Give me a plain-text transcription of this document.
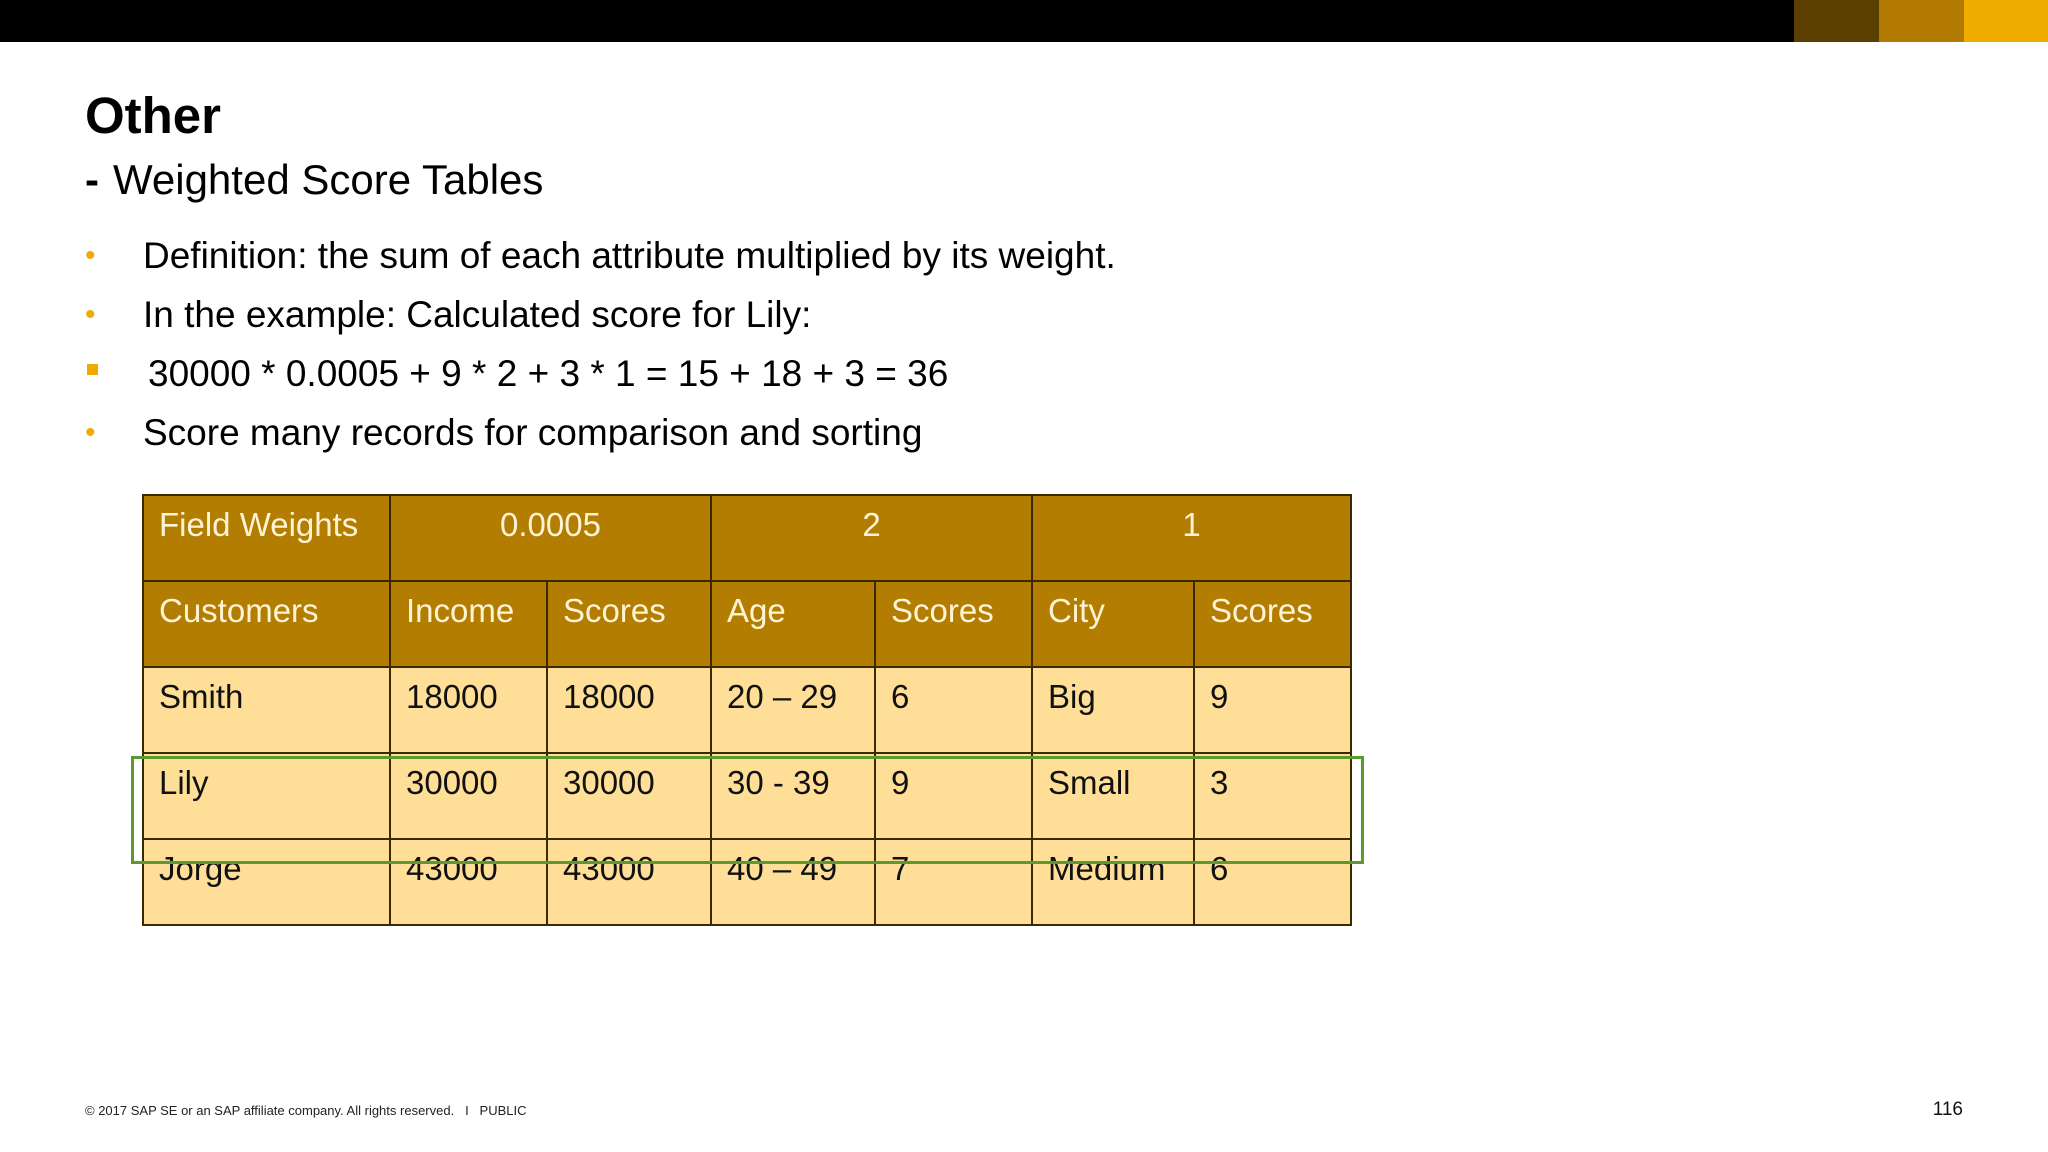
Other
- Weighted Score Tables
•	Definition: the sum of each attribute multiplied by its weight.
•	In the example: Calculated score for Lily:
30000 * 0.0005 + 9 * 2 + 3 * 1 = 15 + 18 + 3 = 36
•	Score many records for comparison and sorting
Field Weights	0.0005		2		1	
Customers	Income	Scores	Age	Scores	City	Scores
Smith	18000	18000	20 – 29	6	Big	9
Lily	30000	30000	30 - 39	9	Small	3
Jorge	43000	43000	40 – 49	7	Medium	6
© 2017 SAP SE or an SAP affiliate company. All rights reserved. I PUBLIC	116
